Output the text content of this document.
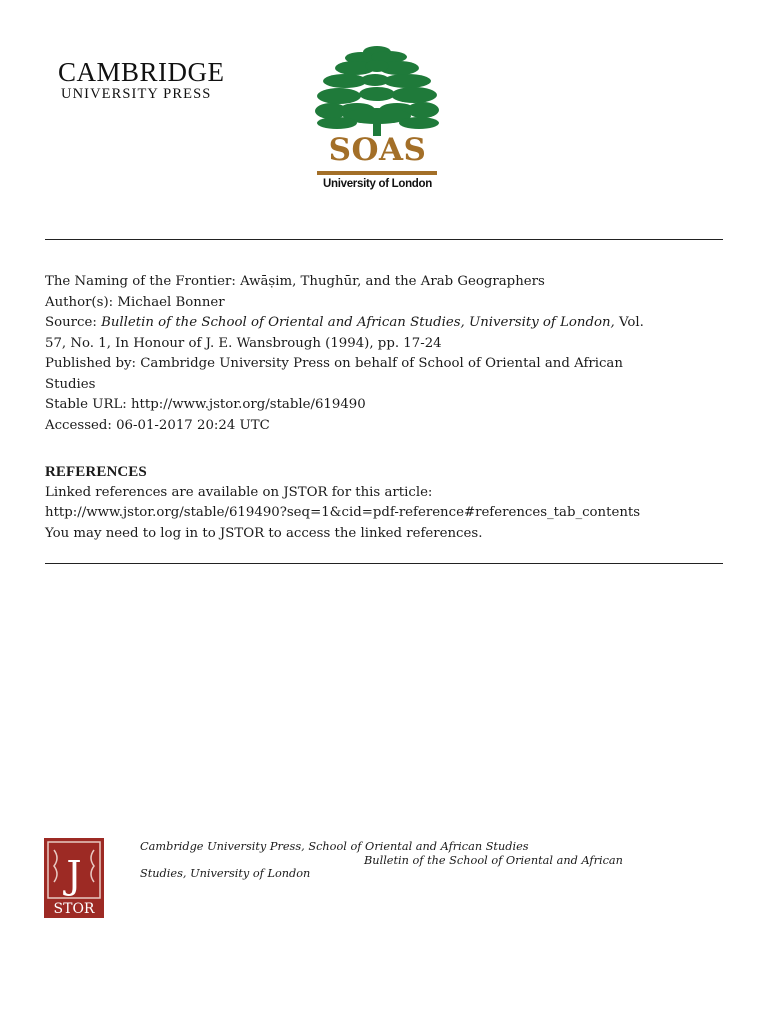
CAMBRIDGE
UNIVERSITY PRESS
SOAS
University of London
The Naming of the Frontier: Awāṣim, Thughūr, and the Arab Geographers
Author(s): Michael Bonner
Source: Bulletin of the School of Oriental and African Studies, University of London, Vol.
57, No. 1, In Honour of J. E. Wansbrough (1994), pp. 17-24
Published by: Cambridge University Press on behalf of School of Oriental and African
Studies
Stable URL: http://www.jstor.org/stable/619490
Accessed: 06-01-2017 20:24 UTC
REFERENCES
Linked references are available on JSTOR for this article:
http://www.jstor.org/stable/619490?seq=1&cid=pdf-reference#references_tab_contents
You may need to log in to JSTOR to access the linked references.
J
STOR
Cambridge University Press, School of Oriental and African Studies
Bulletin of the School of Oriental and African
Studies, University of London
